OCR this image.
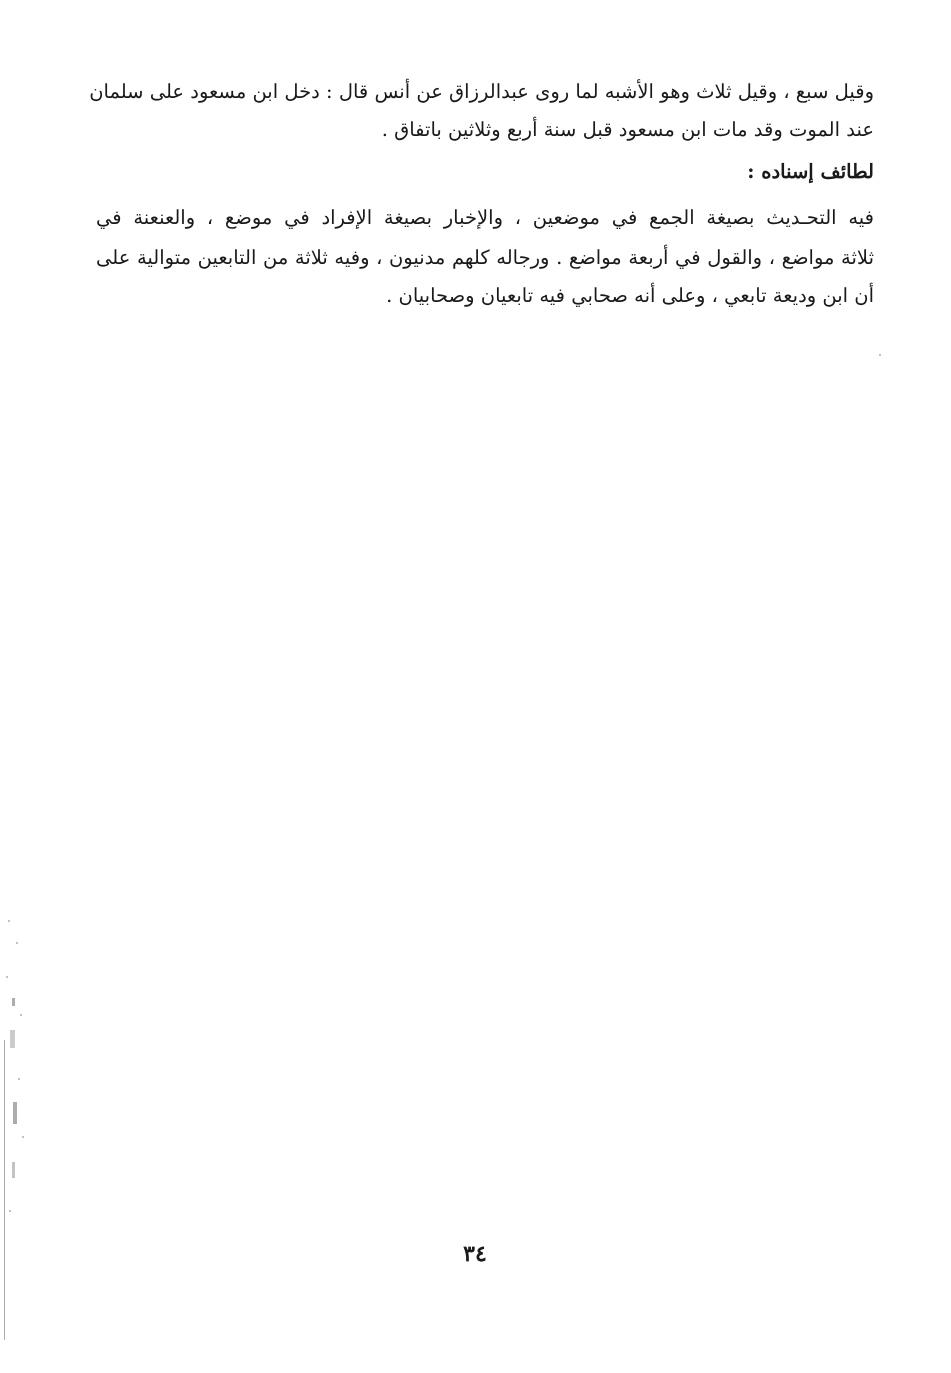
وقيل سبع ، وقيل ثلاث وهو الأشبه لما روى عبدالرزاق عن أنس قال : دخل ابن مسعود على سلمان
عند الموت وقد مات ابن مسعود قبل سنة أربع وثلاثين باتفاق .
لطائف إسناده :
فيه التحـديث بصيغة الجمع في موضعين ، والإخبار بصيغة الإفراد في موضع ، والعنعنة في
ثلاثة مواضع ، والقول في أربعة مواضع . ورجاله كلهم مدنيون ، وفيه ثلاثة من التابعين متوالية على
أن ابن وديعة تابعي ، وعلى أنه صحابي فيه تابعيان وصحابيان .
٣٤
